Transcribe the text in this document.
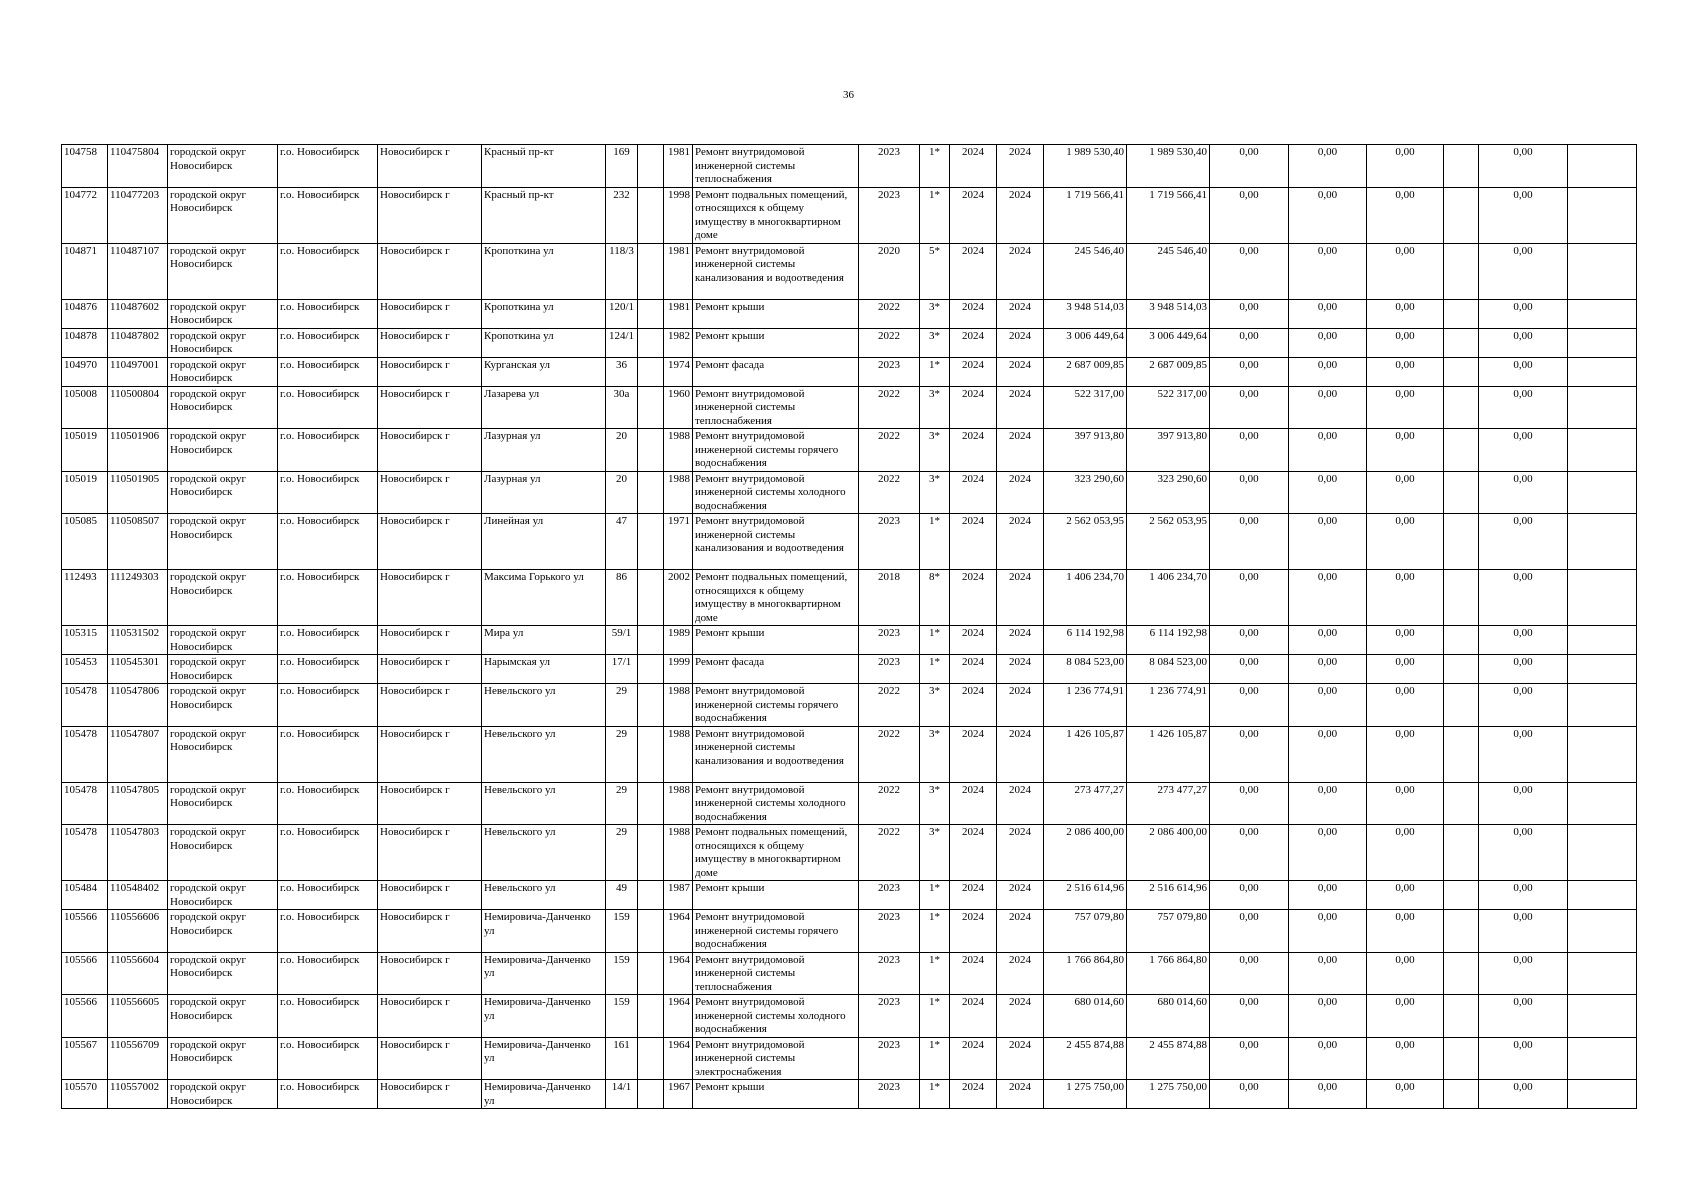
36
104758	110475804	городской округ Новосибирск	г.о. Новосибирск	Новосибирск г	Красный пр-кт	169		1981	Ремонт внутридомовой инженерной системы теплоснабжения	2023	1*	2024	2024	1 989 530,40	1 989 530,40	0,00	0,00	0,00		0,00	
104772	110477203	городской округ Новосибирск	г.о. Новосибирск	Новосибирск г	Красный пр-кт	232		1998	Ремонт подвальных помещений, относящихся к общему имуществу в многоквартирном доме	2023	1*	2024	2024	1 719 566,41	1 719 566,41	0,00	0,00	0,00		0,00	
104871	110487107	городской округ Новосибирск	г.о. Новосибирск	Новосибирск г	Кропоткина ул	118/3		1981	Ремонт внутридомовой инженерной системы канализования и водоотведения	2020	5*	2024	2024	245 546,40	245 546,40	0,00	0,00	0,00		0,00	
104876	110487602	городской округ Новосибирск	г.о. Новосибирск	Новосибирск г	Кропоткина ул	120/1		1981	Ремонт крыши	2022	3*	2024	2024	3 948 514,03	3 948 514,03	0,00	0,00	0,00		0,00	
104878	110487802	городской округ Новосибирск	г.о. Новосибирск	Новосибирск г	Кропоткина ул	124/1		1982	Ремонт крыши	2022	3*	2024	2024	3 006 449,64	3 006 449,64	0,00	0,00	0,00		0,00	
104970	110497001	городской округ Новосибирск	г.о. Новосибирск	Новосибирск г	Курганская ул	36		1974	Ремонт фасада	2023	1*	2024	2024	2 687 009,85	2 687 009,85	0,00	0,00	0,00		0,00	
105008	110500804	городской округ Новосибирск	г.о. Новосибирск	Новосибирск г	Лазарева ул	30а		1960	Ремонт внутридомовой инженерной системы теплоснабжения	2022	3*	2024	2024	522 317,00	522 317,00	0,00	0,00	0,00		0,00	
105019	110501906	городской округ Новосибирск	г.о. Новосибирск	Новосибирск г	Лазурная ул	20		1988	Ремонт внутридомовой инженерной системы горячего водоснабжения	2022	3*	2024	2024	397 913,80	397 913,80	0,00	0,00	0,00		0,00	
105019	110501905	городской округ Новосибирск	г.о. Новосибирск	Новосибирск г	Лазурная ул	20		1988	Ремонт внутридомовой инженерной системы холодного водоснабжения	2022	3*	2024	2024	323 290,60	323 290,60	0,00	0,00	0,00		0,00	
105085	110508507	городской округ Новосибирск	г.о. Новосибирск	Новосибирск г	Линейная ул	47		1971	Ремонт внутридомовой инженерной системы канализования и водоотведения	2023	1*	2024	2024	2 562 053,95	2 562 053,95	0,00	0,00	0,00		0,00	
112493	111249303	городской округ Новосибирск	г.о. Новосибирск	Новосибирск г	Максима Горького ул	86		2002	Ремонт подвальных помещений, относящихся к общему имуществу в многоквартирном доме	2018	8*	2024	2024	1 406 234,70	1 406 234,70	0,00	0,00	0,00		0,00	
105315	110531502	городской округ Новосибирск	г.о. Новосибирск	Новосибирск г	Мира ул	59/1		1989	Ремонт крыши	2023	1*	2024	2024	6 114 192,98	6 114 192,98	0,00	0,00	0,00		0,00	
105453	110545301	городской округ Новосибирск	г.о. Новосибирск	Новосибирск г	Нарымская ул	17/1		1999	Ремонт фасада	2023	1*	2024	2024	8 084 523,00	8 084 523,00	0,00	0,00	0,00		0,00	
105478	110547806	городской округ Новосибирск	г.о. Новосибирск	Новосибирск г	Невельского ул	29		1988	Ремонт внутридомовой инженерной системы горячего водоснабжения	2022	3*	2024	2024	1 236 774,91	1 236 774,91	0,00	0,00	0,00		0,00	
105478	110547807	городской округ Новосибирск	г.о. Новосибирск	Новосибирск г	Невельского ул	29		1988	Ремонт внутридомовой инженерной системы канализования и водоотведения	2022	3*	2024	2024	1 426 105,87	1 426 105,87	0,00	0,00	0,00		0,00	
105478	110547805	городской округ Новосибирск	г.о. Новосибирск	Новосибирск г	Невельского ул	29		1988	Ремонт внутридомовой инженерной системы холодного водоснабжения	2022	3*	2024	2024	273 477,27	273 477,27	0,00	0,00	0,00		0,00	
105478	110547803	городской округ Новосибирск	г.о. Новосибирск	Новосибирск г	Невельского ул	29		1988	Ремонт подвальных помещений, относящихся к общему имуществу в многоквартирном доме	2022	3*	2024	2024	2 086 400,00	2 086 400,00	0,00	0,00	0,00		0,00	
105484	110548402	городской округ Новосибирск	г.о. Новосибирск	Новосибирск г	Невельского ул	49		1987	Ремонт крыши	2023	1*	2024	2024	2 516 614,96	2 516 614,96	0,00	0,00	0,00		0,00	
105566	110556606	городской округ Новосибирск	г.о. Новосибирск	Новосибирск г	Немировича-Данченко ул	159		1964	Ремонт внутридомовой инженерной системы горячего водоснабжения	2023	1*	2024	2024	757 079,80	757 079,80	0,00	0,00	0,00		0,00	
105566	110556604	городской округ Новосибирск	г.о. Новосибирск	Новосибирск г	Немировича-Данченко ул	159		1964	Ремонт внутридомовой инженерной системы теплоснабжения	2023	1*	2024	2024	1 766 864,80	1 766 864,80	0,00	0,00	0,00		0,00	
105566	110556605	городской округ Новосибирск	г.о. Новосибирск	Новосибирск г	Немировича-Данченко ул	159		1964	Ремонт внутридомовой инженерной системы холодного водоснабжения	2023	1*	2024	2024	680 014,60	680 014,60	0,00	0,00	0,00		0,00	
105567	110556709	городской округ Новосибирск	г.о. Новосибирск	Новосибирск г	Немировича-Данченко ул	161		1964	Ремонт внутридомовой инженерной системы электроснабжения	2023	1*	2024	2024	2 455 874,88	2 455 874,88	0,00	0,00	0,00		0,00	
105570	110557002	городской округ Новосибирск	г.о. Новосибирск	Новосибирск г	Немировича-Данченко ул	14/1		1967	Ремонт крыши	2023	1*	2024	2024	1 275 750,00	1 275 750,00	0,00	0,00	0,00		0,00	
